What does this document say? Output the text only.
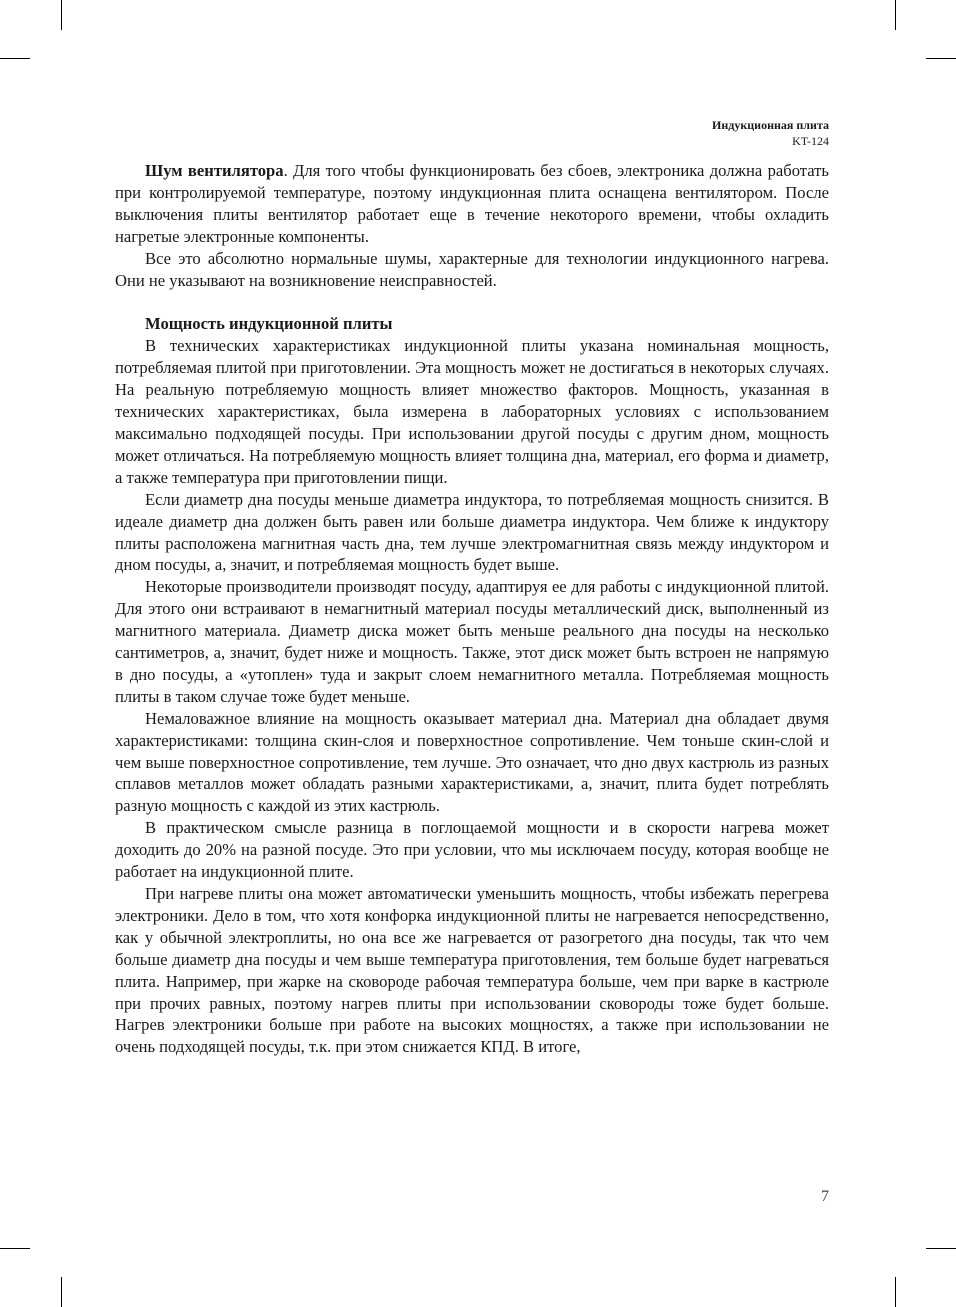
Индукционная плита
KT-124

Шум вентилятора. Для того чтобы функционировать без сбоев, электроника должна работать при контролируемой температуре, поэтому индукционная плита оснащена вентилятором. После выключения плиты вентилятор работает еще в течение некоторого времени, чтобы охладить нагретые электронные компоненты.

Все это абсолютно нормальные шумы, характерные для технологии индукционного нагрева. Они не указывают на возникновение неисправностей.

Мощность индукционной плиты

В технических характеристиках индукционной плиты указана номинальная мощность, потребляемая плитой при приготовлении. Эта мощность может не достигаться в некоторых случаях. На реальную потребляемую мощность влияет множество факторов. Мощность, указанная в технических характеристиках, была измерена в лабораторных условиях с использованием максимально подходящей посуды. При использовании другой посуды с другим дном, мощность может отличаться. На потребляемую мощность влияет толщина дна, материал, его форма и диаметр, а также температура при приготовлении пищи.

Если диаметр дна посуды меньше диаметра индуктора, то потребляемая мощность снизится. В идеале диаметр дна должен быть равен или больше диаметра индуктора. Чем ближе к индуктору плиты расположена магнитная часть дна, тем лучше электромагнитная связь между индуктором и дном посуды, а, значит, и потребляемая мощность будет выше.

Некоторые производители производят посуду, адаптируя ее для работы с индукционной плитой. Для этого они встраивают в немагнитный материал посуды металлический диск, выполненный из магнитного материала. Диаметр диска может быть меньше реального дна посуды на несколько сантиметров, а, значит, будет ниже и мощность. Также, этот диск может быть встроен не напрямую в дно посуды, а «утоплен» туда и закрыт слоем немагнитного металла. Потребляемая мощность плиты в таком случае тоже будет меньше.

Немаловажное влияние на мощность оказывает материал дна. Материал дна обладает двумя характеристиками: толщина скин-слоя и поверхностное сопротивление. Чем тоньше скин-слой и чем выше поверхностное сопротивление, тем лучше. Это означает, что дно двух кастрюль из разных сплавов металлов может обладать разными характеристиками, а, значит, плита будет потреблять разную мощность с каждой из этих кастрюль.

В практическом смысле разница в поглощаемой мощности и в скорости нагрева может доходить до 20% на разной посуде. Это при условии, что мы исключаем посуду, которая вообще не работает на индукционной плите.

При нагреве плиты она может автоматически уменьшить мощность, чтобы избежать перегрева электроники. Дело в том, что хотя конфорка индукционной плиты не нагревается непосредственно, как у обычной электроплиты, но она все же нагревается от разогретого дна посуды, так что чем больше диаметр дна посуды и чем выше температура приготовления, тем больше будет нагреваться плита. Например, при жарке на сковороде рабочая температура больше, чем при варке в кастрюле при прочих равных, поэтому нагрев плиты при использовании сковороды тоже будет больше. Нагрев электроники больше при работе на высоких мощностях, а также при использовании не очень подходящей посуды, т.к. при этом снижается КПД. В итоге,

7
